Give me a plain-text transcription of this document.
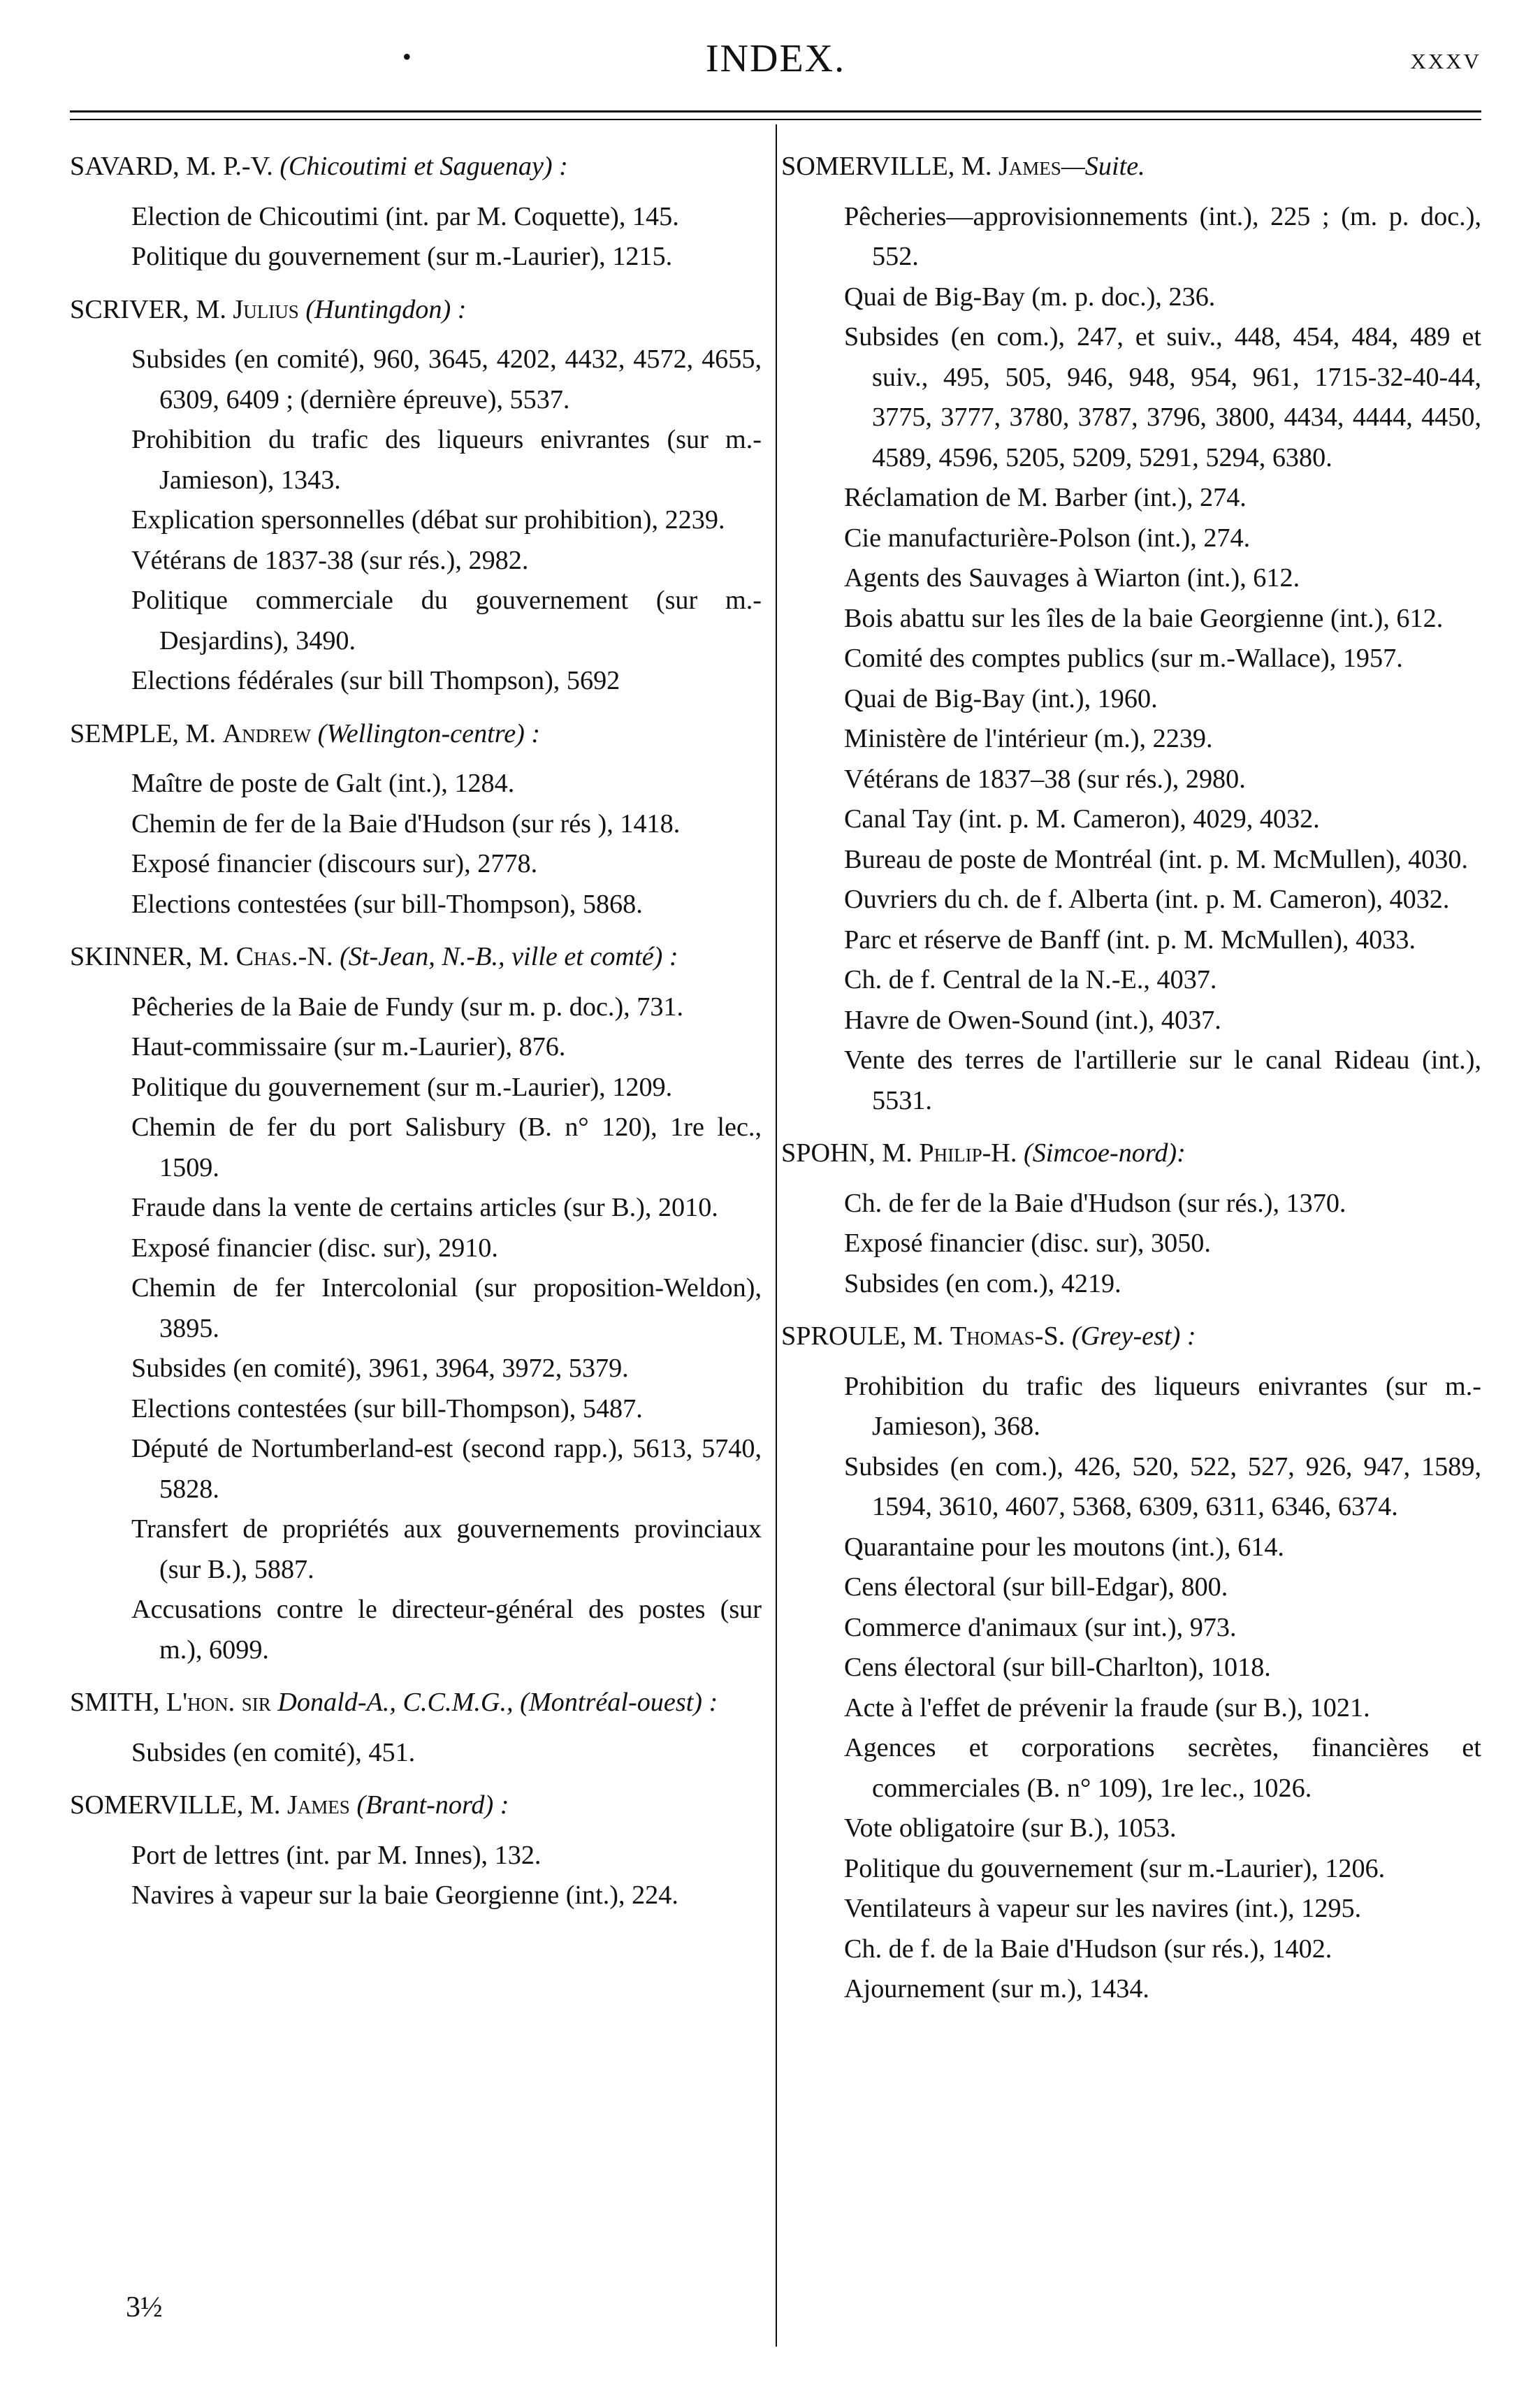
•	INDEX.	xxxv
SAVARD, M. P.-V. (Chicoutimi et Saguenay) :
Election de Chicoutimi (int. par M. Coquette), 145.
Politique du gouvernement (sur m.-Laurier), 1215.
SCRIVER, M. Julius (Huntingdon) :
Subsides (en comité), 960, 3645, 4202, 4432, 4572, 4655, 6309, 6409 ; (dernière épreuve), 5537.
Prohibition du trafic des liqueurs enivrantes (sur m.-Jamieson), 1343.
Explication spersonnelles (débat sur prohibition), 2239.
Vétérans de 1837-38 (sur rés.), 2982.
Politique commerciale du gouvernement (sur m.-Desjardins), 3490.
Elections fédérales (sur bill Thompson), 5692
SEMPLE, M. Andrew (Wellington-centre) :
Maître de poste de Galt (int.), 1284.
Chemin de fer de la Baie d'Hudson (sur rés ), 1418.
Exposé financier (discours sur), 2778.
Elections contestées (sur bill-Thompson), 5868.
SKINNER, M. Chas.-N. (St-Jean, N.-B., ville et comté) :
Pêcheries de la Baie de Fundy (sur m. p. doc.), 731.
Haut-commissaire (sur m.-Laurier), 876.
Politique du gouvernement (sur m.-Laurier), 1209.
Chemin de fer du port Salisbury (B. n° 120), 1re lec., 1509.
Fraude dans la vente de certains articles (sur B.), 2010.
Exposé financier (disc. sur), 2910.
Chemin de fer Intercolonial (sur proposition-Weldon), 3895.
Subsides (en comité), 3961, 3964, 3972, 5379.
Elections contestées (sur bill-Thompson), 5487.
Député de Nortumberland-est (second rapp.), 5613, 5740, 5828.
Transfert de propriétés aux gouvernements provinciaux (sur B.), 5887.
Accusations contre le directeur-général des postes (sur m.), 6099.
SMITH, L'hon. sir Donald-A., C.C.M.G., (Montréal-ouest) :
Subsides (en comité), 451.
SOMERVILLE, M. James (Brant-nord) :
Port de lettres (int. par M. Innes), 132.
Navires à vapeur sur la baie Georgienne (int.), 224.
SOMERVILLE, M. James—Suite.
Pêcheries—approvisionnements (int.), 225 ; (m. p. doc.), 552.
Quai de Big-Bay (m. p. doc.), 236.
Subsides (en com.), 247, et suiv., 448, 454, 484, 489 et suiv., 495, 505, 946, 948, 954, 961, 1715-32-40-44, 3775, 3777, 3780, 3787, 3796, 3800, 4434, 4444, 4450, 4589, 4596, 5205, 5209, 5291, 5294, 6380.
Réclamation de M. Barber (int.), 274.
Cie manufacturière-Polson (int.), 274.
Agents des Sauvages à Wiarton (int.), 612.
Bois abattu sur les îles de la baie Georgienne (int.), 612.
Comité des comptes publics (sur m.-Wallace), 1957.
Quai de Big-Bay (int.), 1960.
Ministère de l'intérieur (m.), 2239.
Vétérans de 1837–38 (sur rés.), 2980.
Canal Tay (int. p. M. Cameron), 4029, 4032.
Bureau de poste de Montréal (int. p. M. McMullen), 4030.
Ouvriers du ch. de f. Alberta (int. p. M. Cameron), 4032.
Parc et réserve de Banff (int. p. M. McMullen), 4033.
Ch. de f. Central de la N.-E., 4037.
Havre de Owen-Sound (int.), 4037.
Vente des terres de l'artillerie sur le canal Rideau (int.), 5531.
SPOHN, M. Philip-H. (Simcoe-nord):
Ch. de fer de la Baie d'Hudson (sur rés.), 1370.
Exposé financier (disc. sur), 3050.
Subsides (en com.), 4219.
SPROULE, M. Thomas-S. (Grey-est) :
Prohibition du trafic des liqueurs enivrantes (sur m.-Jamieson), 368.
Subsides (en com.), 426, 520, 522, 527, 926, 947, 1589, 1594, 3610, 4607, 5368, 6309, 6311, 6346, 6374.
Quarantaine pour les moutons (int.), 614.
Cens électoral (sur bill-Edgar), 800.
Commerce d'animaux (sur int.), 973.
Cens électoral (sur bill-Charlton), 1018.
Acte à l'effet de prévenir la fraude (sur B.), 1021.
Agences et corporations secrètes, financières et commerciales (B. n° 109), 1re lec., 1026.
Vote obligatoire (sur B.), 1053.
Politique du gouvernement (sur m.-Laurier), 1206.
Ventilateurs à vapeur sur les navires (int.), 1295.
Ch. de f. de la Baie d'Hudson (sur rés.), 1402.
Ajournement (sur m.), 1434.
3½
